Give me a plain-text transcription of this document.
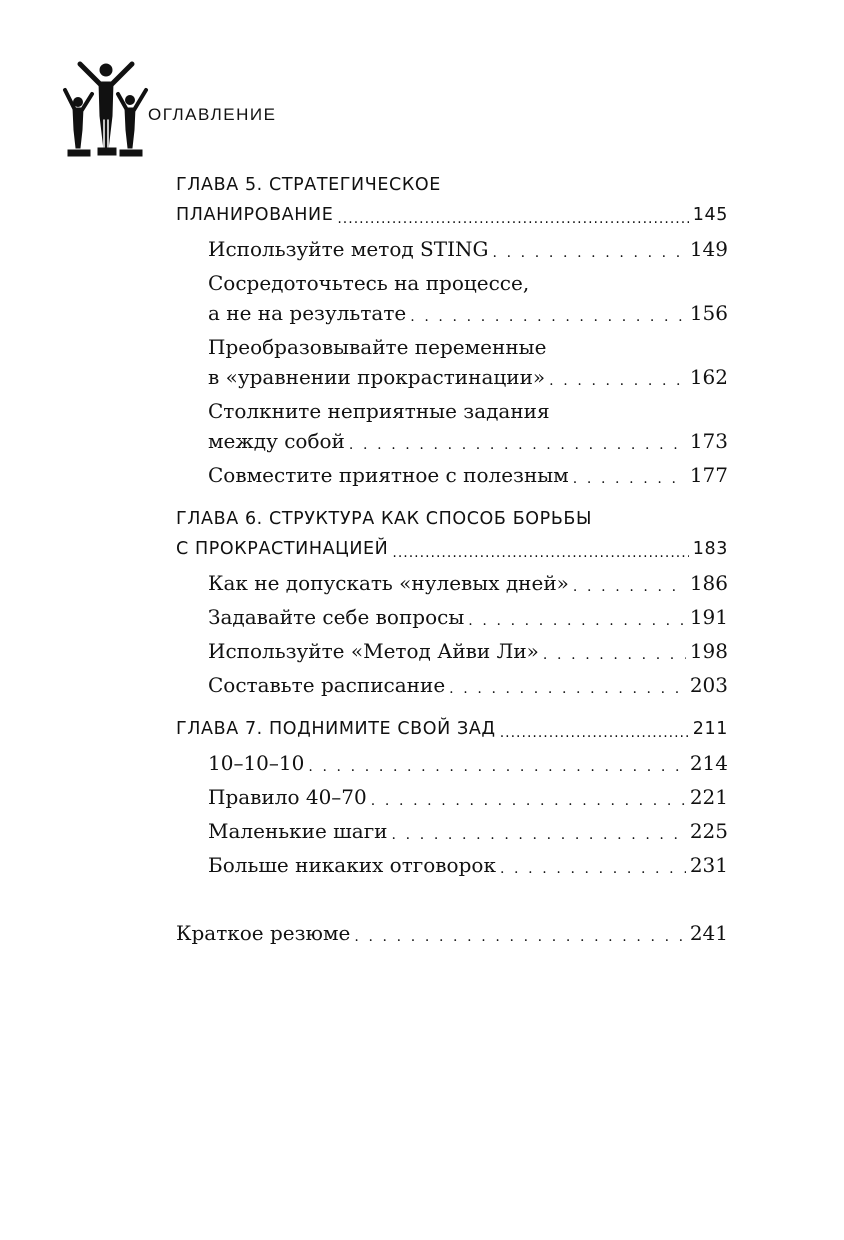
ОГЛАВЛЕНИЕ
ГЛАВА 5. СТРАТЕГИЧЕСКОЕ
ПЛАНИРОВАНИЕ .....	145
Используйте метод STING . . .	149
Сосредоточьтесь на процессе,
а не на результате . . .	156
Преобразовывайте переменные
в «уравнении прокрастинации» . . .	162
Столкните неприятные задания
между собой . . .	173
Совместите приятное с полезным . . .	177
ГЛАВА 6. СТРУКТУРА КАК СПОСОБ БОРЬБЫ
С ПРОКРАСТИНАЦИЕЙ .....	183
Как не допускать «нулевых дней» . . .	186
Задавайте себе вопросы . . .	191
Используйте «Метод Айви Ли» . . .	198
Составьте расписание . . .	203
ГЛАВА 7. ПОДНИМИТЕ СВОЙ ЗАД .....	211
10–10–10 . . .	214
Правило 40–70 . . .	221
Маленькие шаги . . .	225
Больше никаких отговорок . . .	231
Краткое резюме . . .	241
